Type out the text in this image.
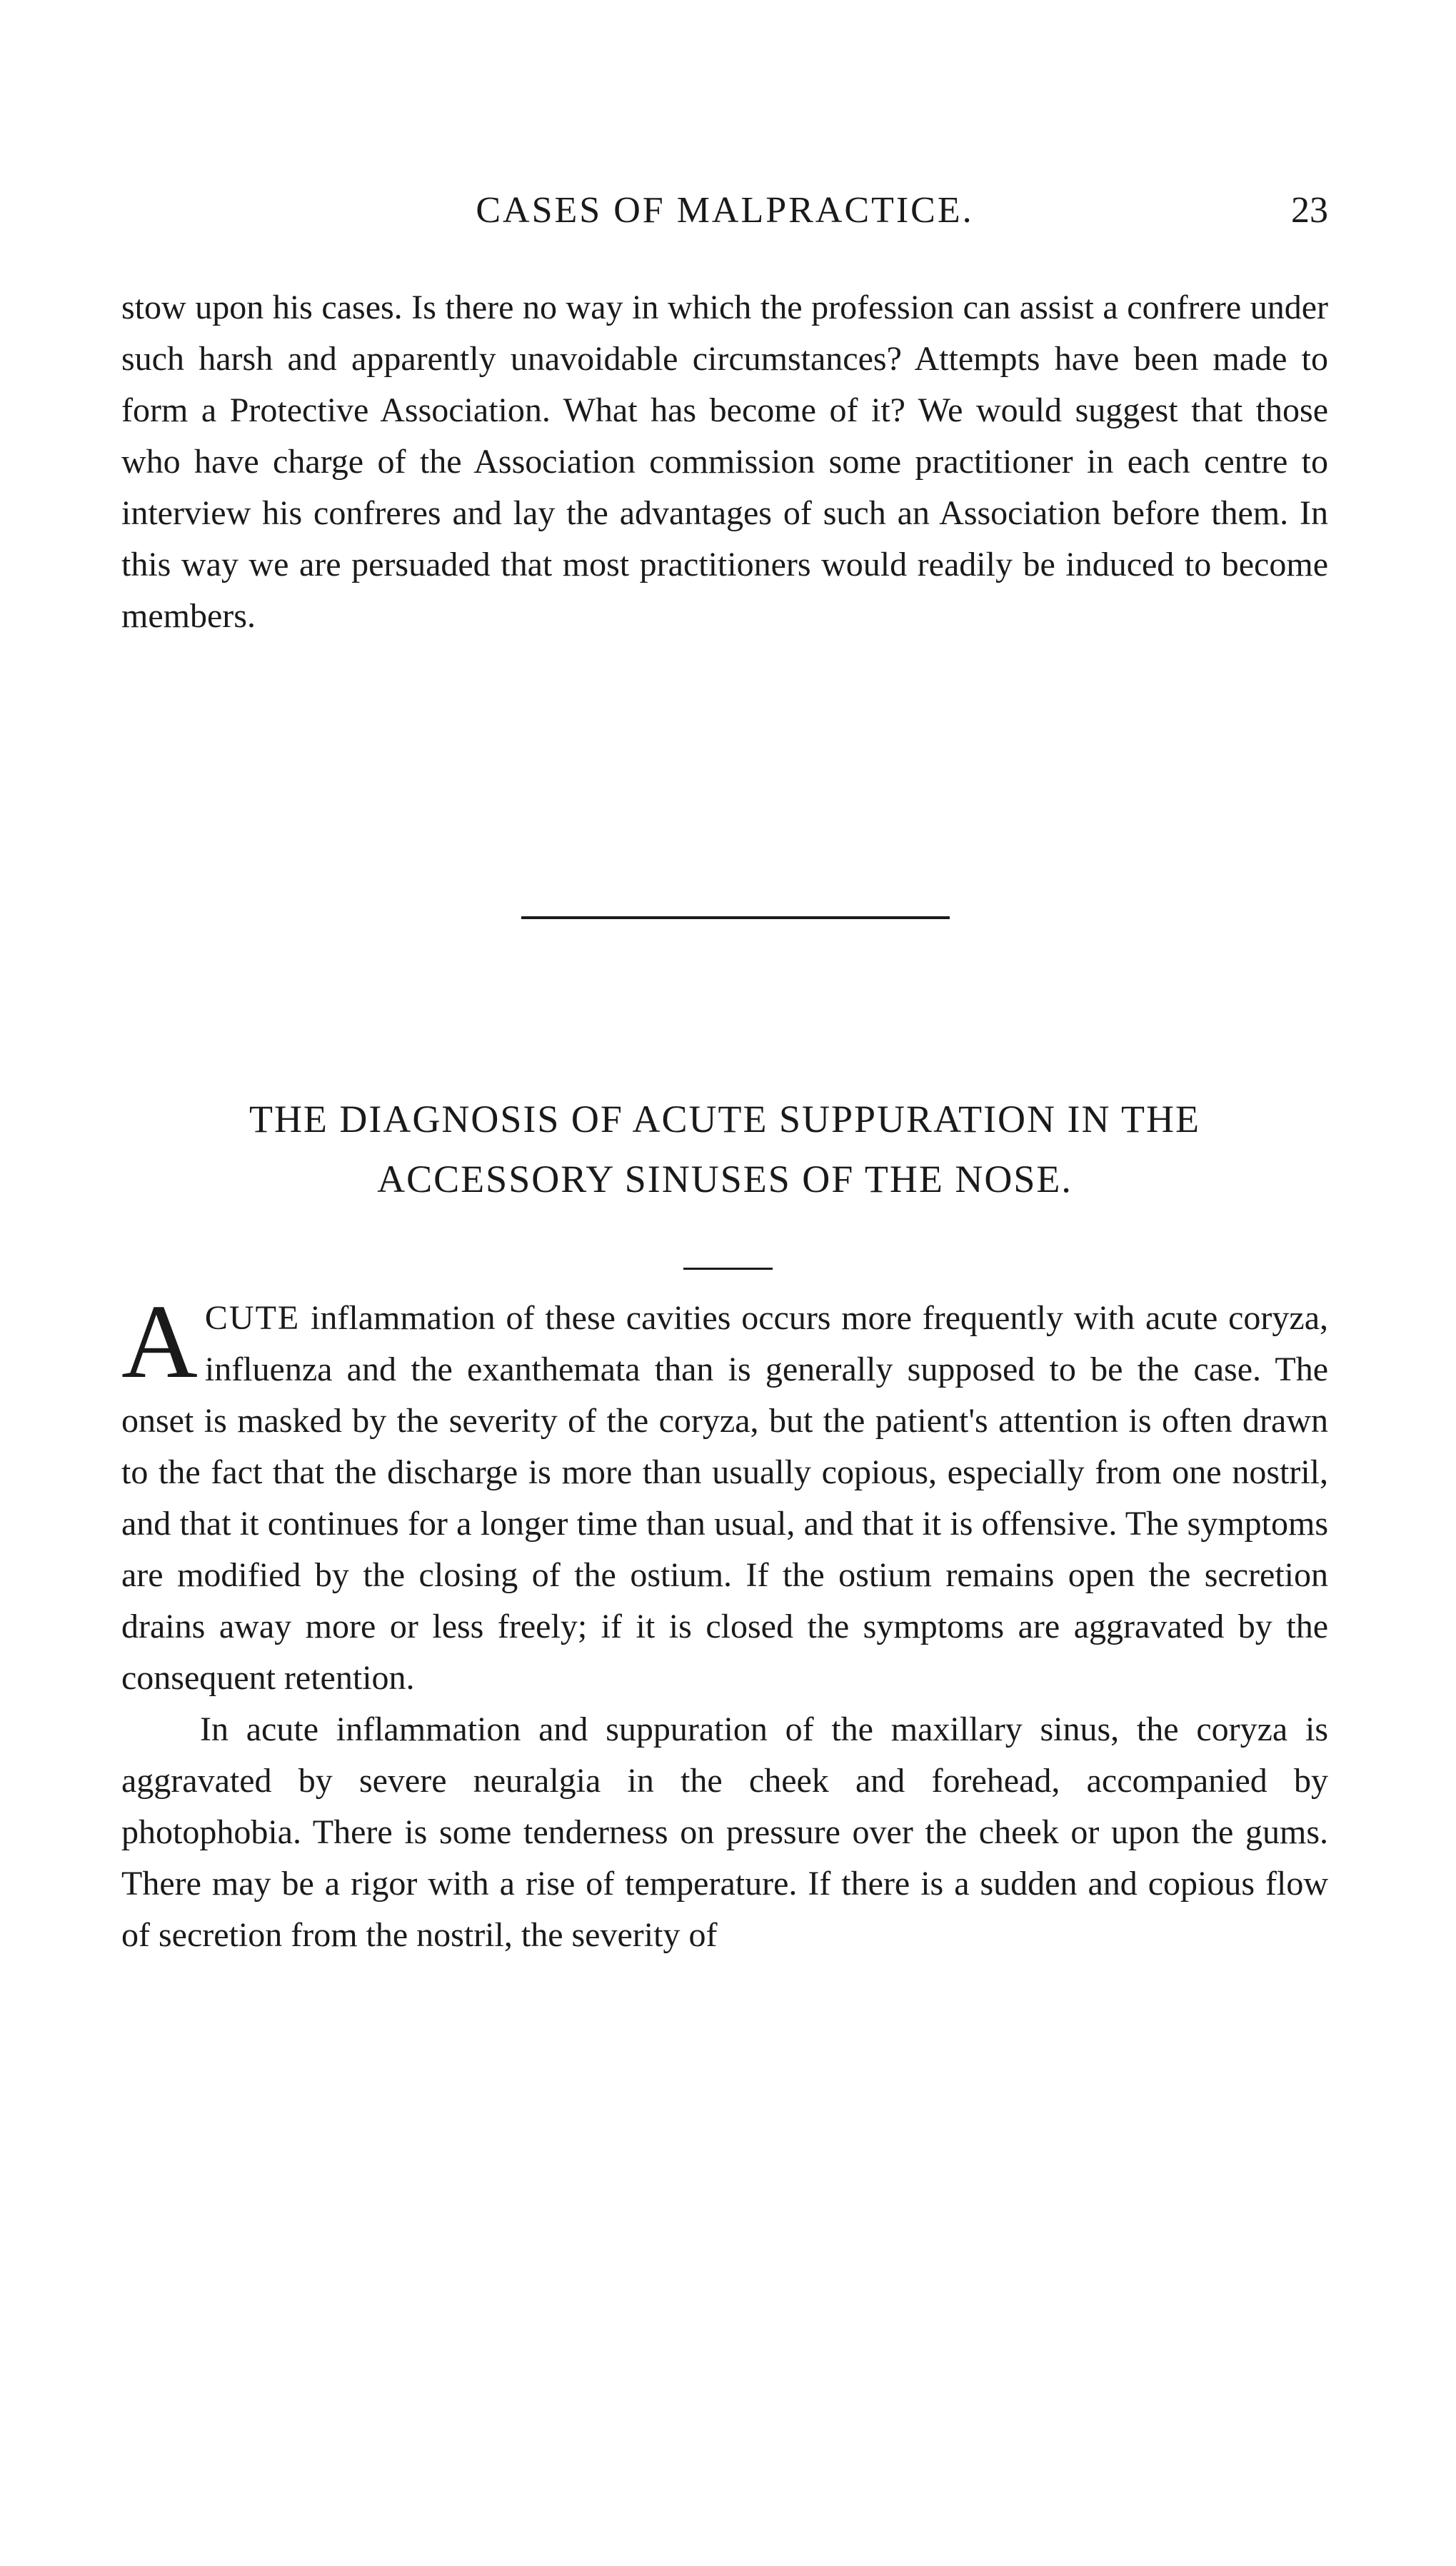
CASES OF MALPRACTICE.	23

stow upon his cases. Is there no way in which the profession can assist a confrere under such harsh and apparently unavoidable circumstances? Attempts have been made to form a Protective Association. What has become of it? We would suggest that those who have charge of the Association commission some practitioner in each centre to interview his confreres and lay the advantages of such an Association before them. In this way we are persuaded that most practitioners would readily be induced to become members.

THE DIAGNOSIS OF ACUTE SUPPURATION IN THE
ACCESSORY SINUSES OF THE NOSE.

ACUTE inflammation of these cavities occurs more frequently with acute coryza, influenza and the exanthemata than is generally supposed to be the case. The onset is masked by the severity of the coryza, but the patient's attention is often drawn to the fact that the discharge is more than usually copious, especially from one nostril, and that it continues for a longer time than usual, and that it is offensive. The symptoms are modified by the closing of the ostium. If the ostium remains open the secretion drains away more or less freely; if it is closed the symptoms are aggravated by the consequent retention.

In acute inflammation and suppuration of the maxillary sinus, the coryza is aggravated by severe neuralgia in the cheek and forehead, accompanied by photophobia. There is some tenderness on pressure over the cheek or upon the gums. There may be a rigor with a rise of temperature. If there is a sudden and copious flow of secretion from the nostril, the severity of
